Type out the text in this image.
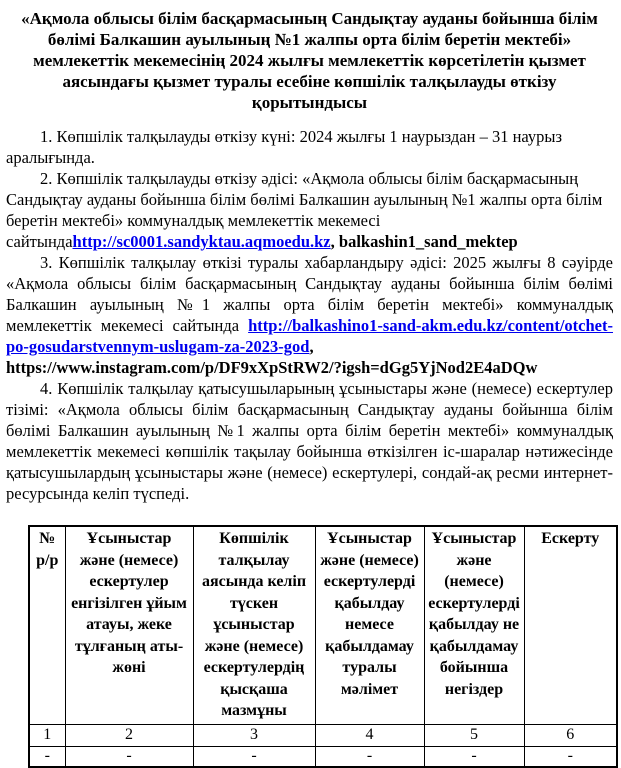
«Ақмола облысы білім басқармасының Сандықтау ауданы бойынша білім бөлімі Балкашин ауылының №1 жалпы орта білім беретін мектебі» мемлекеттік мекемесінің 2024 жылғы мемлекеттік көрсетілетін қызмет аясындағы қызмет туралы есебіне көпшілік талқылауды өткізу қорытындысы

1. Көпшілік талқылауды өткізу күні: 2024 жылғы 1 наурыздан – 31 наурыз аралығында.

2. Көпшілік талқылауды өткізу әдісі: «Ақмола облысы білім басқармасының Сандықтау ауданы бойынша білім бөлімі Балкашин ауылының №1 жалпы орта білім беретін мектебі» коммуналдық мемлекеттік мекемесі сайтындаhttp://sc0001.sandyktau.aqmoedu.kz, balkashin1_sand_mektep

3. Көпшілік талқылау өткізі туралы хабарландыру әдісі: 2025 жылғы 8 сәуірде «Ақмола облысы білім басқармасының Сандықтау ауданы бойынша білім бөлімі Балкашин ауылының №1 жалпы орта білім беретін мектебі» коммуналдық мемлекеттік мекемесі сайтында http://balkashino1-sand-akm.edu.kz/content/otchet-po-gosudarstvennym-uslugam-za-2023-god, https://www.instagram.com/p/DF9xXpStRW2/?igsh=dGg5YjNod2E4aDQw

4. Көпшілік талқылау қатысушыларының ұсыныстары және (немесе) ескертулер тізімі: «Ақмола облысы білім басқармасының Сандықтау ауданы бойынша білім бөлімі Балкашин ауылының №1 жалпы орта білім беретін мектебі» коммуналдық мемлекеттік мекемесі көпшілік тақылау бойынша өткізілген іс-шаралар нәтижесінде қатысушылардың ұсыныстары және (немесе) ескертулері, сондай-ақ ресми интернет-ресурсында келіп түспеді.

№ р/р	Ұсыныстар және (немесе) ескертулер енгізілген ұйым атауы, жеке тұлғаның аты-жөні	Көпшілік талқылау аясында келіп түскен ұсыныстар және (немесе) ескертулердің қысқаша мазмұны	Ұсыныстар және (немесе) ескертулерді қабылдау немесе қабылдамау туралы мәлімет	Ұсыныстар және (немесе) ескертулерді қабылдау не қабылдамау бойынша негіздер	Ескерту
1	2	3	4	5	6
-	-	-	-	-	-
